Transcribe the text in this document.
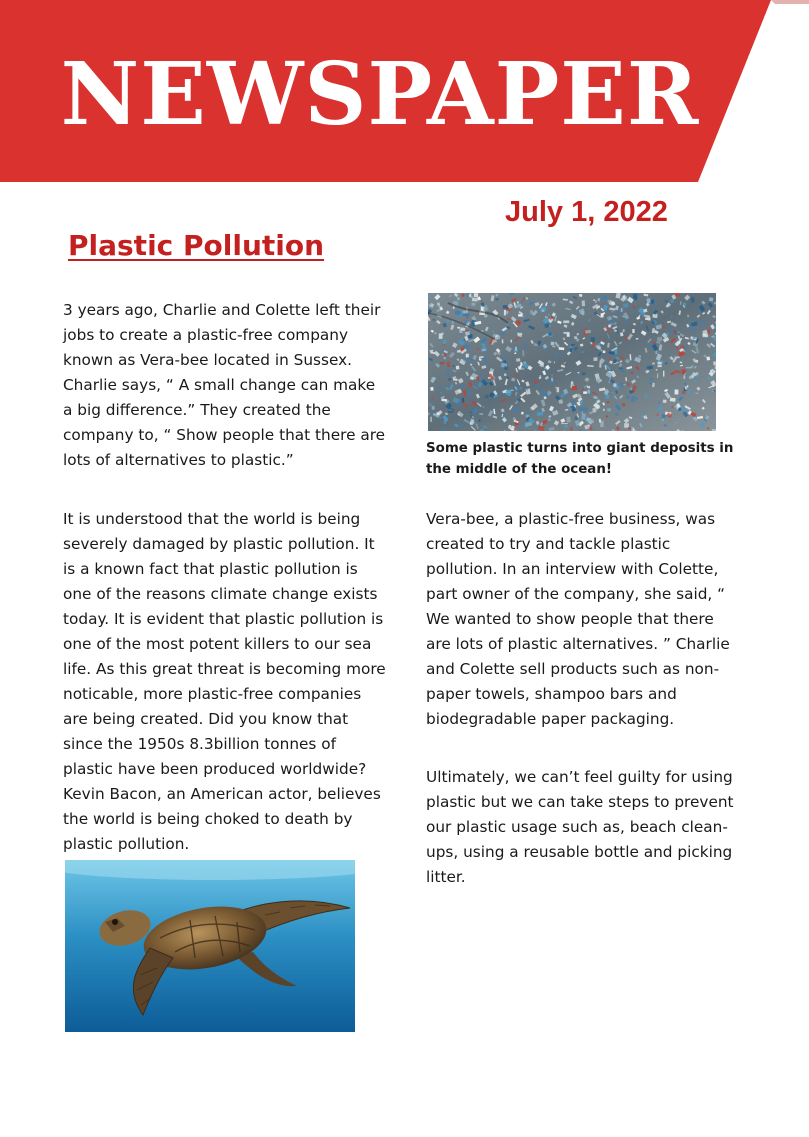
NEWSPAPER

July 1, 2022

Plastic Pollution

3 years ago, Charlie and Colette left their jobs to create a plastic-free company known as Vera-bee located in Sussex. Charlie says, “ A small change can make a big difference.” They created the company to, “ Show people that there are lots of alternatives to plastic.”

It is understood that the world is being severely damaged by plastic pollution. It is a known fact that plastic pollution is one of the reasons climate change exists today. It is evident that plastic pollution is one of the most potent killers to our sea life. As this great threat is becoming more noticable, more plastic-free companies are being created. Did you know that since the 1950s 8.3billion tonnes of plastic have been produced worldwide? Kevin Bacon, an American actor, believes the world is being choked to death by plastic pollution.

Vera-bee, a plastic-free business, was created to try and tackle plastic pollution. In an interview with Colette, part owner of the company, she said, “ We wanted to show people that there are lots of plastic alternatives. ” Charlie and Colette sell products such as non-paper towels, shampoo bars and biodegradable paper packaging.

Ultimately, we can’t feel guilty for using plastic but we can take steps to prevent our plastic usage such as, beach clean-ups, using a reusable bottle and picking litter.

Some plastic turns into giant deposits in the middle of the ocean!
